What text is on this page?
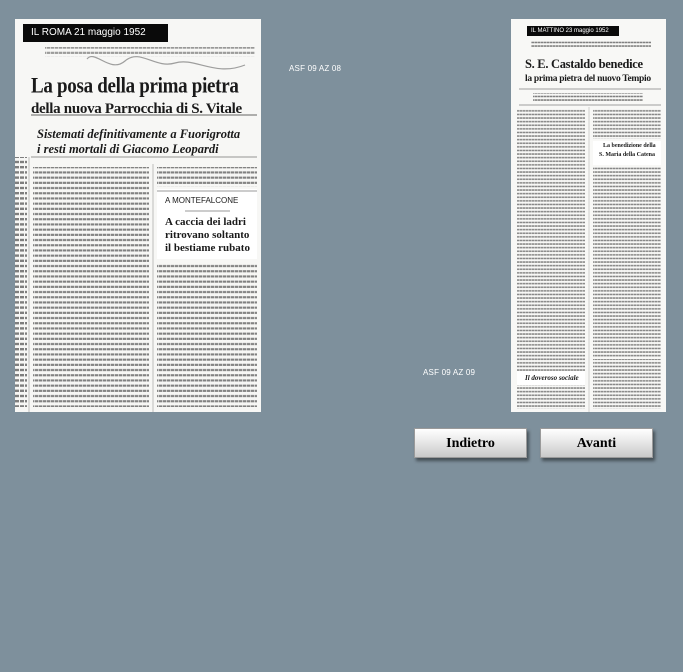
IL ROMA 21 maggio 1952
La posa della prima pietra
della nuova Parrocchia di S. Vitale
Sistemati definitivamente a Fuorigrotta
i resti mortali di Giacomo Leopardi
A MONTEFALCONE
A caccia dei ladri
ritrovano soltanto
il bestiame rubato
IL MATTINO 23 maggio 1952
S. E. Castaldo benedice
la prima pietra del nuovo Tempio
La benedizione della
S. Maria della Catena
Il doveroso sociale
ASF 09 AZ 08
ASF 09 AZ 09
Indietro	Avanti
